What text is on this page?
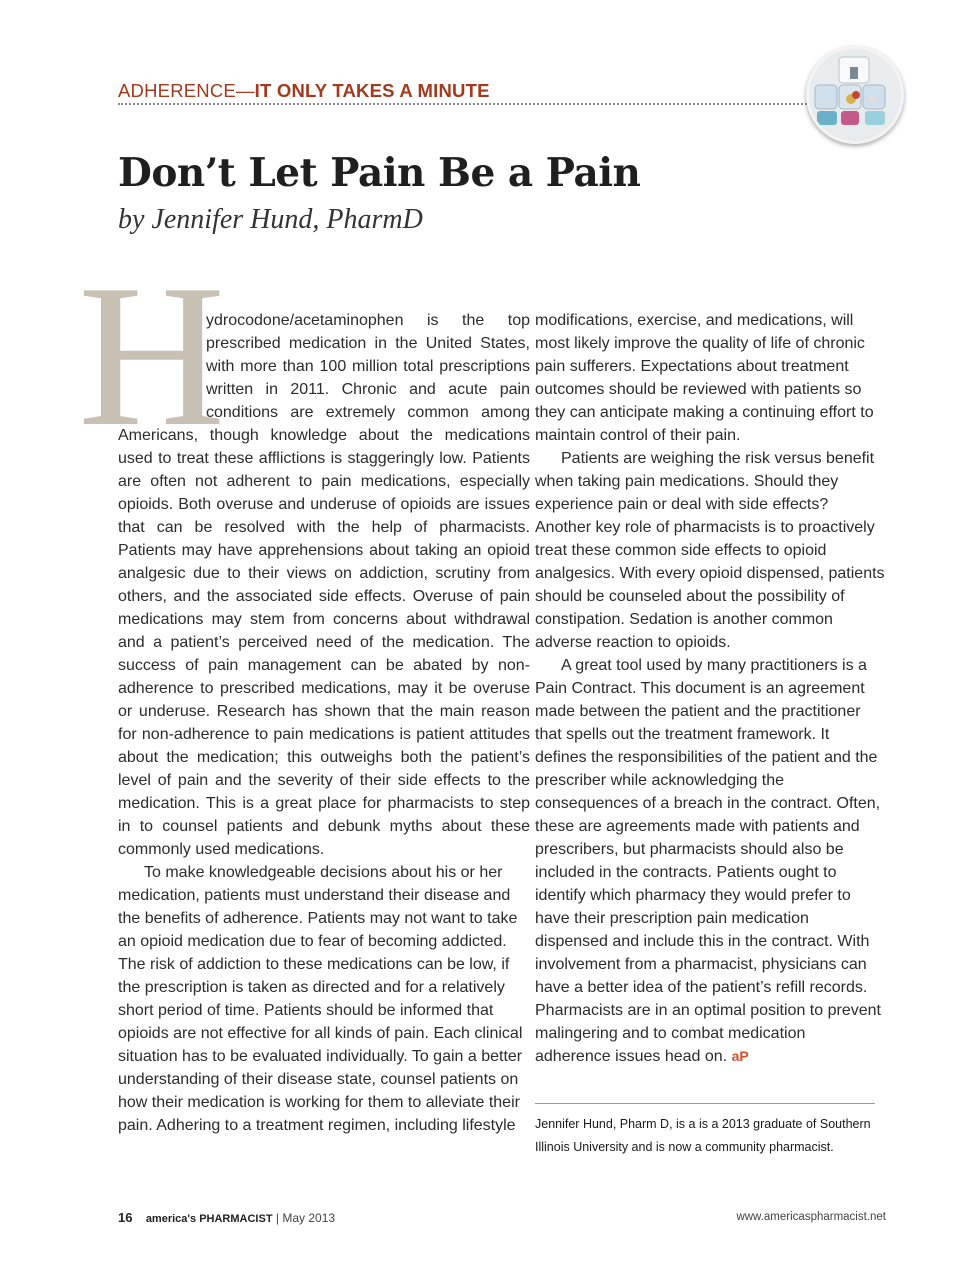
ADHERENCE—IT ONLY TAKES A MINUTE
Don’t Let Pain Be a Pain

by Jennifer Hund, PharmD

H

ydrocodone/acetaminophen is the top prescribed medication in the United States, with more than 100 million total prescriptions written in 2011. Chronic and acute pain conditions are extremely common among Americans, though knowledge about the medications used to treat these afflictions is staggeringly low. Patients are often not adherent to pain medications, especially opioids. Both overuse and underuse of opioids are issues that can be resolved with the help of pharmacists. Patients may have apprehensions about taking an opioid analgesic due to their views on addiction, scrutiny from others, and the associated side effects. Overuse of pain medications may stem from concerns about withdrawal and a patient’s perceived need of the medication. The success of pain management can be abated by non-adherence to prescribed medications, may it be overuse or underuse. Research has shown that the main reason for non-adherence to pain medications is patient attitudes about the medication; this outweighs both the patient’s level of pain and the severity of their side effects to the medication. This is a great place for pharmacists to step in to counsel patients and debunk myths about these commonly used medications.

To make knowledgeable decisions about his or her medication, patients must understand their disease and the benefits of adherence. Patients may not want to take an opioid medication due to fear of becoming addicted. The risk of addiction to these medications can be low, if the prescription is taken as directed and for a relatively short period of time. Patients should be informed that opioids are not effective for all kinds of pain. Each clinical situation has to be evaluated individually. To gain a better understanding of their disease state, counsel patients on how their medication is working for them to alleviate their pain. Adhering to a treatment regimen, including lifestyle

modifications, exercise, and medications, will most likely improve the quality of life of chronic pain sufferers. Expectations about treatment outcomes should be reviewed with patients so they can anticipate making a continuing effort to maintain control of their pain.

Patients are weighing the risk versus benefit when taking pain medications. Should they experience pain or deal with side effects? Another key role of pharmacists is to proactively treat these common side effects to opioid analgesics. With every opioid dispensed, patients should be counseled about the possibility of constipation. Sedation is another common adverse reaction to opioids.

A great tool used by many practitioners is a Pain Contract. This document is an agreement made between the patient and the practitioner that spells out the treatment framework. It defines the responsibilities of the patient and the prescriber while acknowledging the consequences of a breach in the contract. Often, these are agreements made with patients and prescribers, but pharmacists should also be included in the contracts. Patients ought to identify which pharmacy they would prefer to have their prescription pain medication dispensed and include this in the contract. With involvement from a pharmacist, physicians can have a better idea of the patient’s refill records. Pharmacists are in an optimal position to prevent malingering and to combat medication adherence issues head on. aP

Jennifer Hund, Pharm D, is a is a 2013 graduate of Southern Illinois University and is now a community pharmacist.
16 america's PHARMACIST | May 2013	www.americaspharmacist.net
